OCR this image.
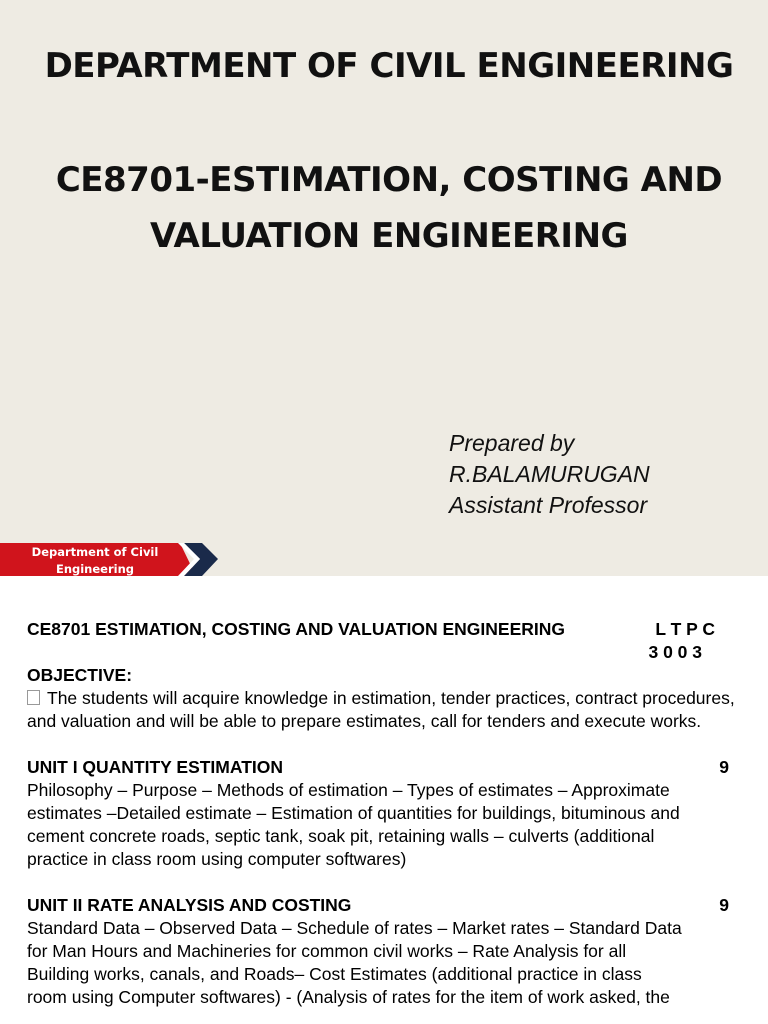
DEPARTMENT OF CIVIL ENGINEERING
CE8701-ESTIMATION, COSTING AND
VALUATION ENGINEERING
Prepared by
R.BALAMURUGAN
Assistant Professor
Department of Civil
Engineering
CE8701 ESTIMATION, COSTING AND VALUATION ENGINEERING	L T P C
3 0 0 3
OBJECTIVE:
The students will acquire knowledge in estimation, tender practices, contract procedures, and valuation and will be able to prepare estimates, call for tenders and execute works.
UNIT I QUANTITY ESTIMATION	9
Philosophy – Purpose – Methods of estimation – Types of estimates – Approximate
estimates –Detailed estimate – Estimation of quantities for buildings, bituminous and
cement concrete roads, septic tank, soak pit, retaining walls – culverts (additional
practice in class room using computer softwares)
UNIT II RATE ANALYSIS AND COSTING	9
Standard Data – Observed Data – Schedule of rates – Market rates – Standard Data
for Man Hours and Machineries for common civil works – Rate Analysis for all
Building works, canals, and Roads– Cost Estimates (additional practice in class
room using Computer softwares) - (Analysis of rates for the item of work asked, the
